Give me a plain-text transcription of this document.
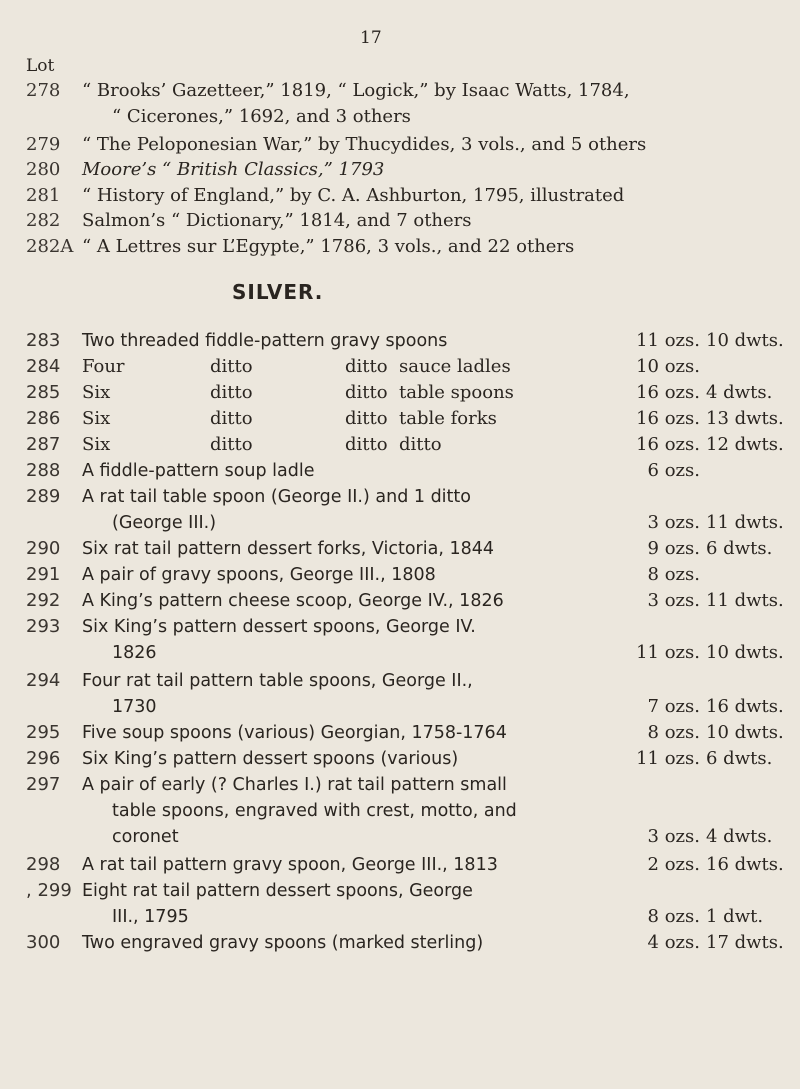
17
Lot
278	“ Brooks’ Gazetteer,” 1819, “ Logick,” by Isaac Watts, 1784,
“ Cicerones,” 1692, and 3 others
279	“ The Peloponesian War,” by Thucydides, 3 vols., and 5 others
280	Moore’s “ British Classics,” 1793
281	“ History of England,” by C. A. Ashburton, 1795, illustrated
282	Salmon’s “ Dictionary,” 1814, and 7 others
282A “ A Lettres sur L’Egypte,” 1786, 3 vols., and 22 others
SILVER.
283	Two threaded fiddle-pattern gravy spoons	11 ozs. 10 dwts.
284	Four	ditto	ditto  sauce ladles	10 ozs.
285	Six	ditto	ditto  table spoons	16 ozs. 4 dwts.
286	Six	ditto	ditto  table forks	16 ozs. 13 dwts.
287	Six	ditto	ditto  ditto	16 ozs. 12 dwts.
288	A fiddle-pattern soup ladle	6 ozs.
289	A rat tail table spoon (George II.) and 1 ditto
(George III.)	3 ozs. 11 dwts.
290	Six rat tail pattern dessert forks, Victoria, 1844	9 ozs. 6 dwts.
291	A pair of gravy spoons, George III., 1808	8 ozs.
292	A King’s pattern cheese scoop, George IV., 1826	3 ozs. 11 dwts.
293	Six King’s pattern dessert spoons, George IV.
1826	11 ozs. 10 dwts.
294	Four rat tail pattern table spoons, George II.,
1730	7 ozs. 16 dwts.
295	Five soup spoons (various) Georgian, 1758-1764	8 ozs. 10 dwts.
296	Six King’s pattern dessert spoons (various)	11 ozs. 6 dwts.
297	A pair of early (? Charles I.) rat tail pattern small
table spoons, engraved with crest, motto, and
coronet	3 ozs. 4 dwts.
298	A rat tail pattern gravy spoon, George III., 1813	2 ozs. 16 dwts.
, 299 Eight rat tail pattern dessert spoons, George
III., 1795	8 ozs. 1 dwt.
300	Two engraved gravy spoons (marked sterling)	4 ozs. 17 dwts.
